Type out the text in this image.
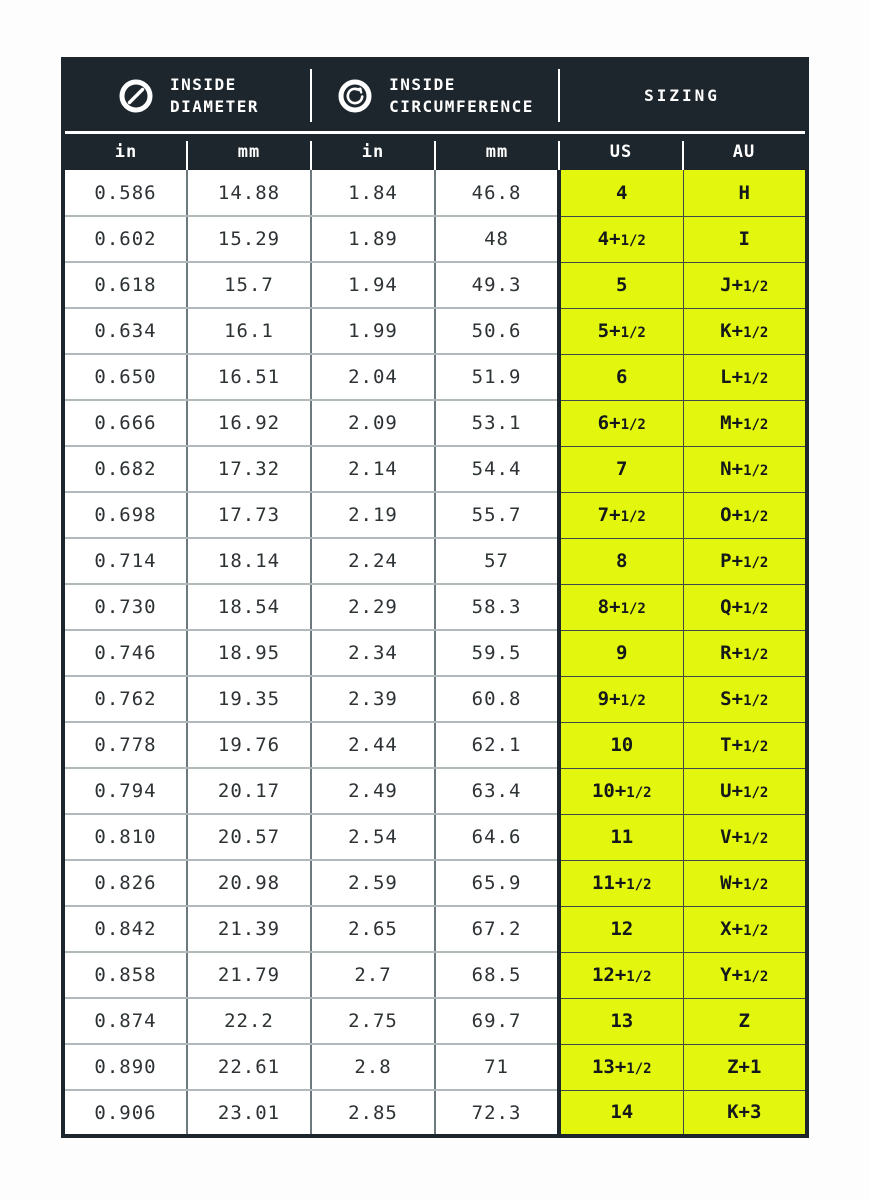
INSIDE
DIAMETER		INSIDE
CIRCUMFERENCE		SIZING	

in	mm	in	mm	US	AU
0.586	14.88	1.84	46.8	4	H
0.602	15.29	1.89	48	4+1/2	I
0.618	15.7	1.94	49.3	5	J+1/2
0.634	16.1	1.99	50.6	5+1/2	K+1/2
0.650	16.51	2.04	51.9	6	L+1/2
0.666	16.92	2.09	53.1	6+1/2	M+1/2
0.682	17.32	2.14	54.4	7	N+1/2
0.698	17.73	2.19	55.7	7+1/2	O+1/2
0.714	18.14	2.24	57	8	P+1/2
0.730	18.54	2.29	58.3	8+1/2	Q+1/2
0.746	18.95	2.34	59.5	9	R+1/2
0.762	19.35	2.39	60.8	9+1/2	S+1/2
0.778	19.76	2.44	62.1	10	T+1/2
0.794	20.17	2.49	63.4	10+1/2	U+1/2
0.810	20.57	2.54	64.6	11	V+1/2
0.826	20.98	2.59	65.9	11+1/2	W+1/2
0.842	21.39	2.65	67.2	12	X+1/2
0.858	21.79	2.7	68.5	12+1/2	Y+1/2
0.874	22.2	2.75	69.7	13	Z
0.890	22.61	2.8	71	13+1/2	Z+1
0.906	23.01	2.85	72.3	14	K+3
